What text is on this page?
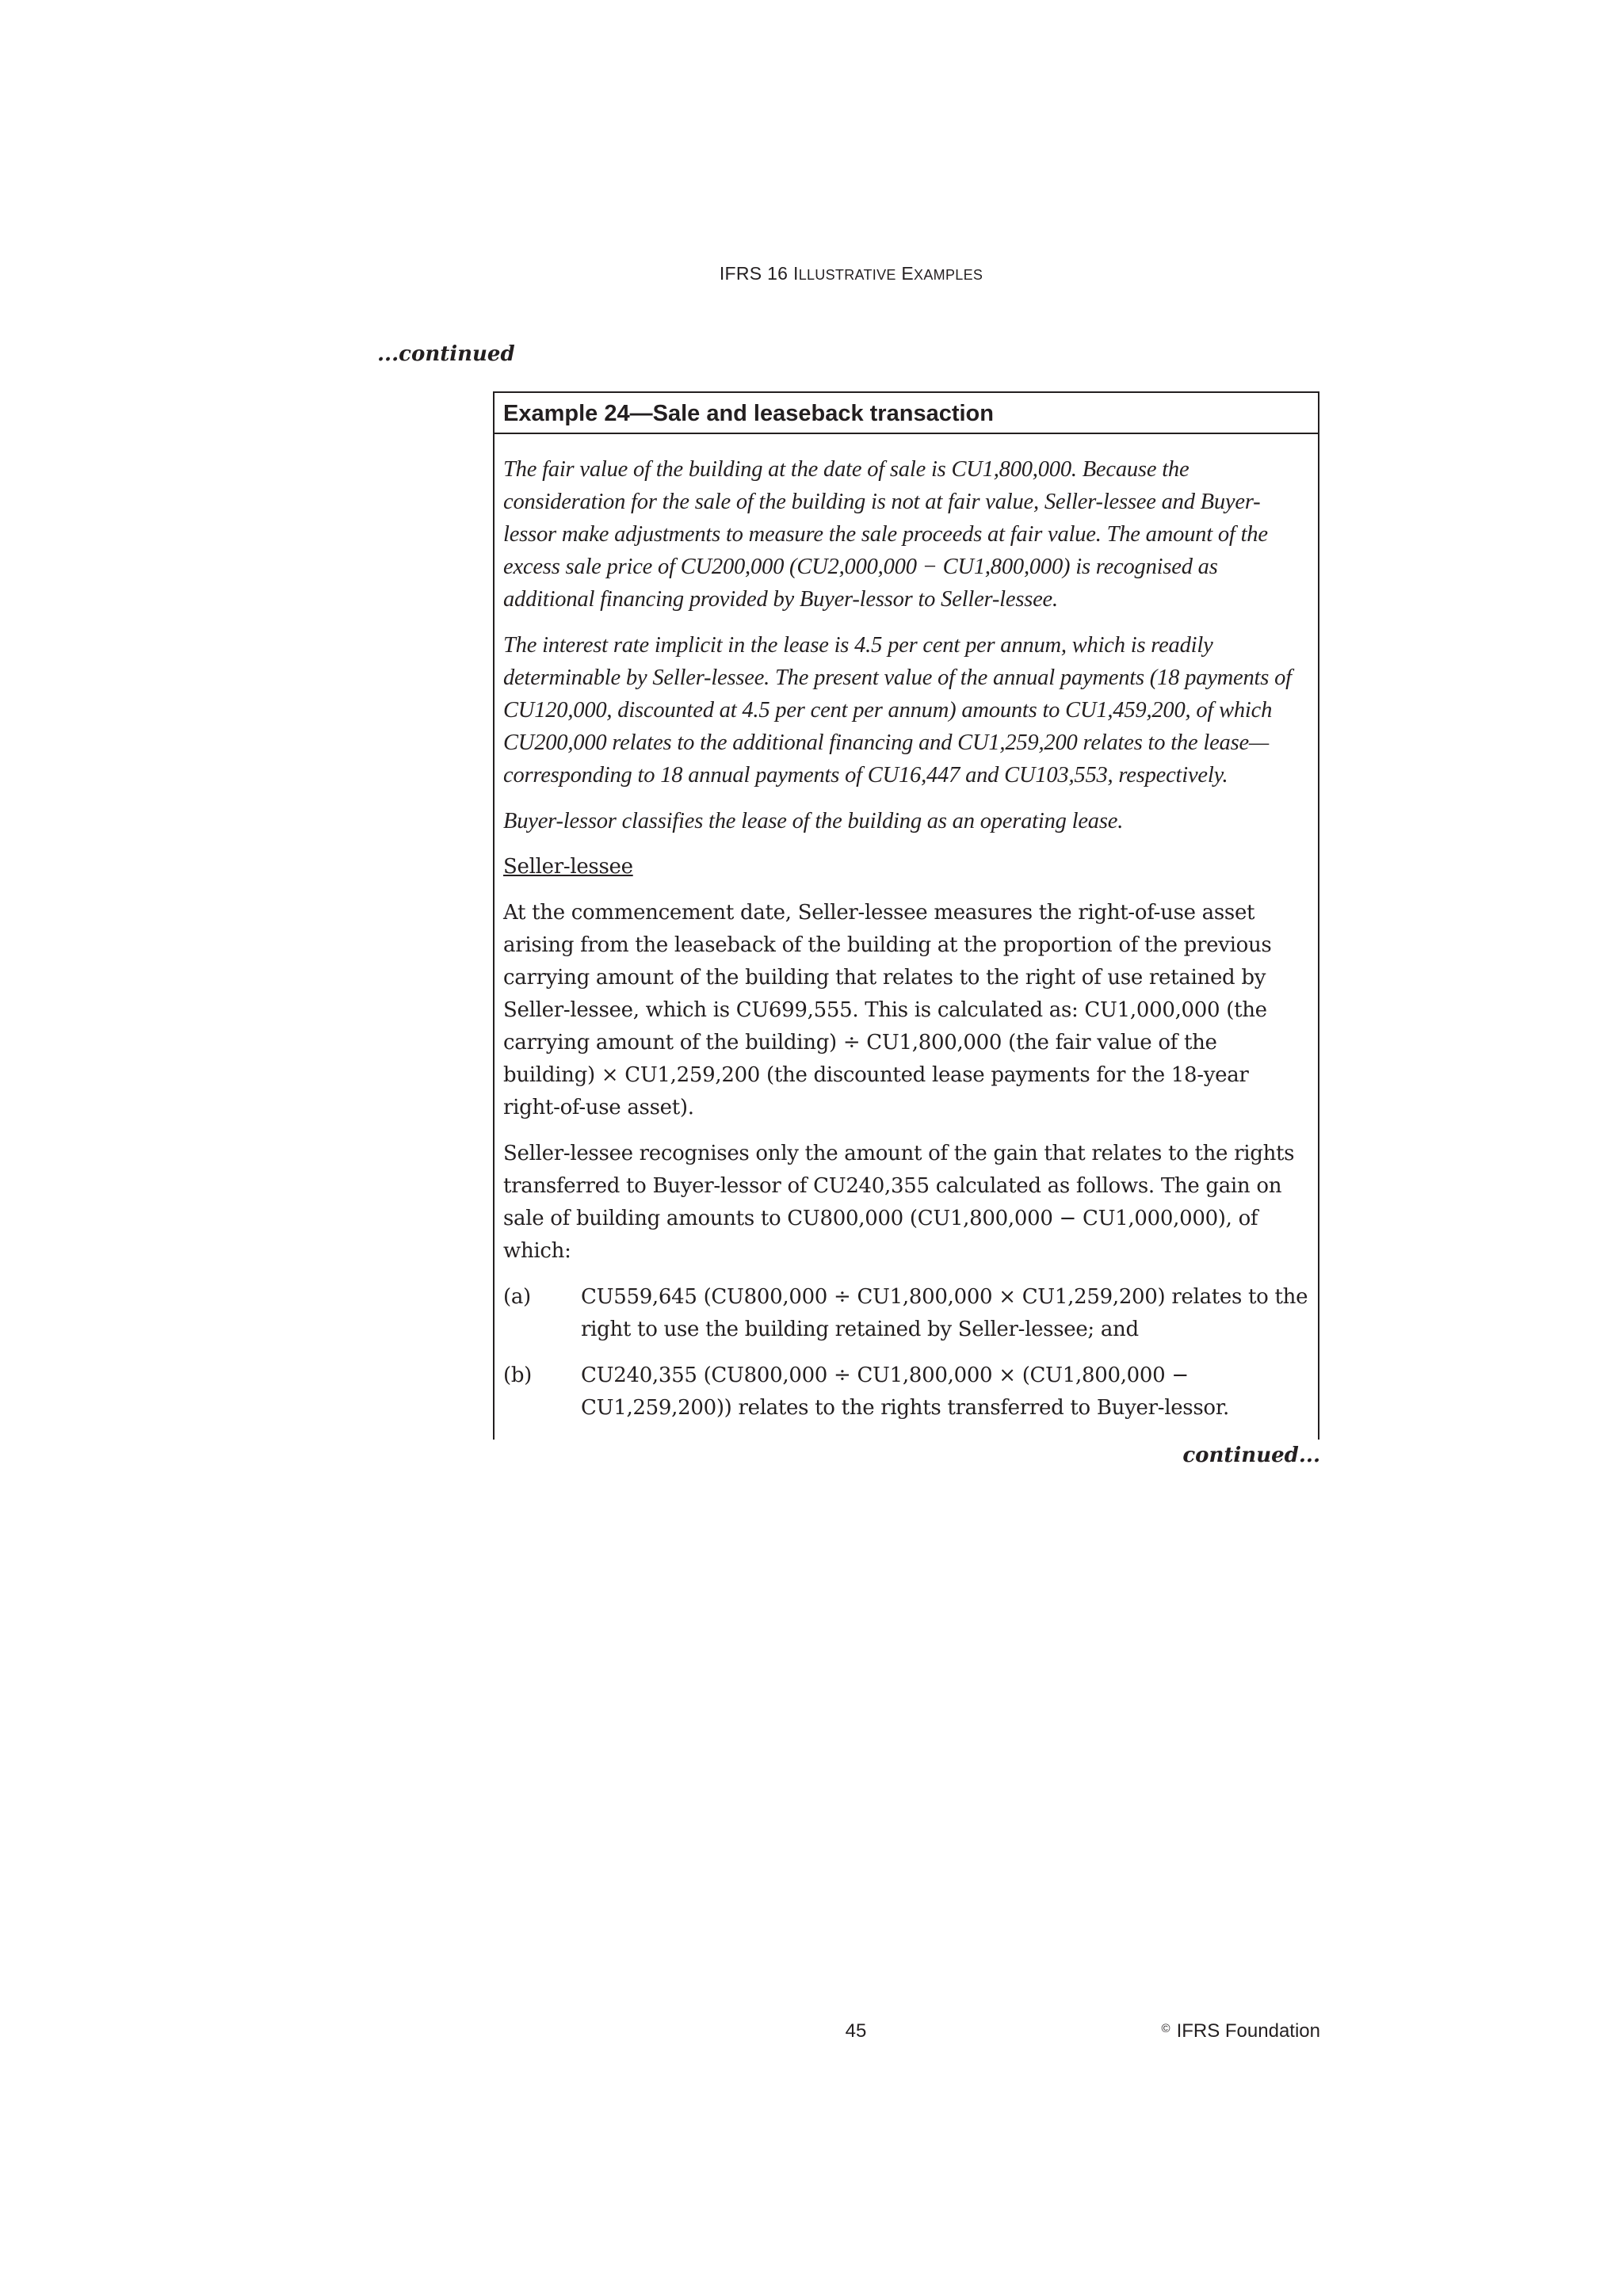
IFRS 16 ILLUSTRATIVE EXAMPLES
...continued
Example 24—Sale and leaseback transaction

The fair value of the building at the date of sale is CU1,800,000. Because the consideration for the sale of the building is not at fair value, Seller-lessee and Buyer-lessor make adjustments to measure the sale proceeds at fair value. The amount of the excess sale price of CU200,000 (CU2,000,000 − CU1,800,000) is recognised as additional financing provided by Buyer-lessor to Seller-lessee.

The interest rate implicit in the lease is 4.5 per cent per annum, which is readily determinable by Seller-lessee. The present value of the annual payments (18 payments of CU120,000, discounted at 4.5 per cent per annum) amounts to CU1,459,200, of which CU200,000 relates to the additional financing and CU1,259,200 relates to the lease—corresponding to 18 annual payments of CU16,447 and CU103,553, respectively.

Buyer-lessor classifies the lease of the building as an operating lease.

Seller-lessee

At the commencement date, Seller-lessee measures the right-of-use asset arising from the leaseback of the building at the proportion of the previous carrying amount of the building that relates to the right of use retained by Seller-lessee, which is CU699,555. This is calculated as: CU1,000,000 (the carrying amount of the building) ÷ CU1,800,000 (the fair value of the building) × CU1,259,200 (the discounted lease payments for the 18-year right-of-use asset).

Seller-lessee recognises only the amount of the gain that relates to the rights transferred to Buyer-lessor of CU240,355 calculated as follows. The gain on sale of building amounts to CU800,000 (CU1,800,000 − CU1,000,000), of which:

(a)	CU559,645 (CU800,000 ÷ CU1,800,000 × CU1,259,200) relates to the right to use the building retained by Seller-lessee; and
(b)	CU240,355 (CU800,000 ÷ CU1,800,000 × (CU1,800,000 − CU1,259,200)) relates to the rights transferred to Buyer-lessor.
continued...
45	© IFRS Foundation
